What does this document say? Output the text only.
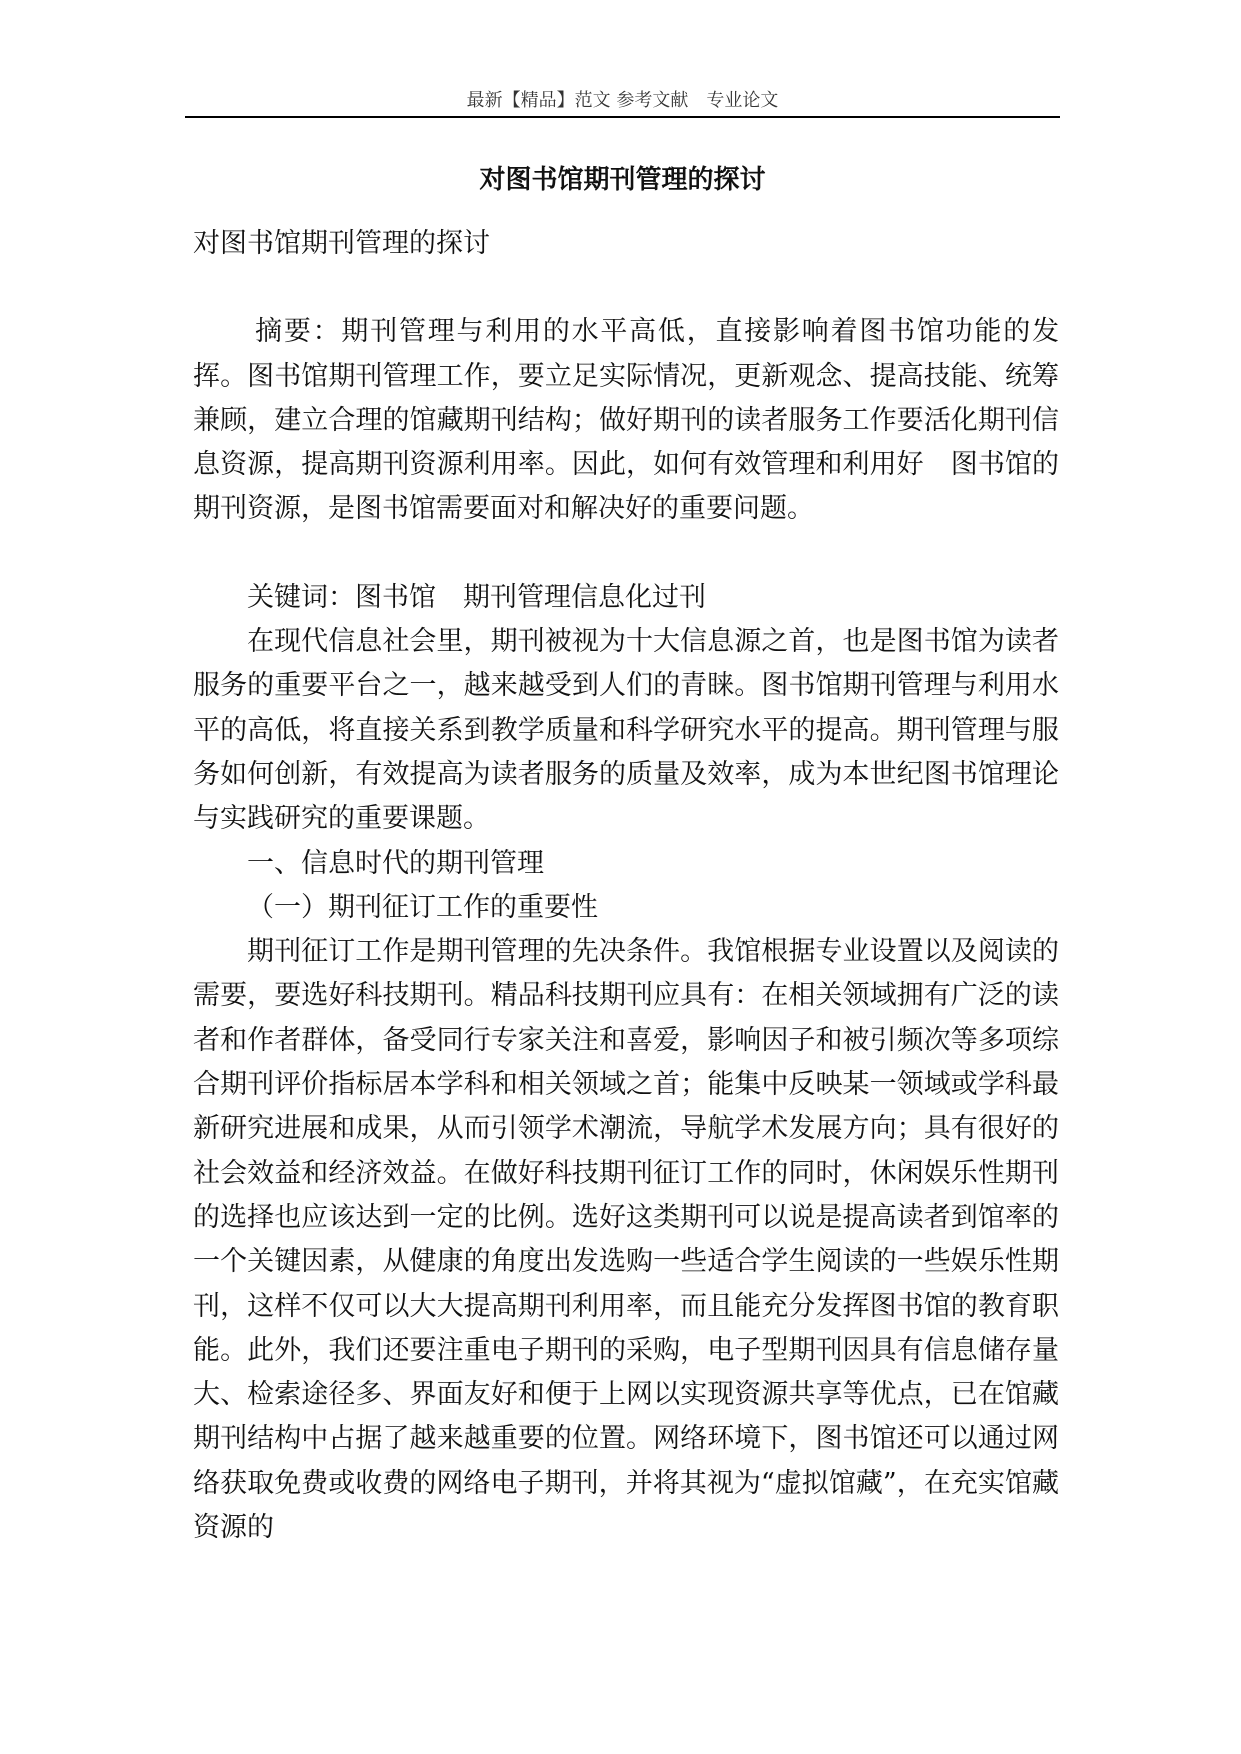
最新【精品】范文 参考文献　专业论文
对图书馆期刊管理的探讨

对图书馆期刊管理的探讨

摘要：期刊管理与利用的水平高低，直接影响着图书馆功能的发挥。图书馆期刊管理工作，要立足实际情况，更新观念、提高技能、统筹兼顾，建立合理的馆藏期刊结构；做好期刊的读者服务工作要活化期刊信息资源，提高期刊资源利用率。因此，如何有效管理和利用好　图书馆的期刊资源，是图书馆需要面对和解决好的重要问题。

关键词：图书馆　期刊管理信息化过刊

在现代信息社会里，期刊被视为十大信息源之首，也是图书馆为读者服务的重要平台之一，越来越受到人们的青睐。图书馆期刊管理与利用水平的高低，将直接关系到教学质量和科学研究水平的提高。期刊管理与服务如何创新，有效提高为读者服务的质量及效率，成为本世纪图书馆理论与实践研究的重要课题。

一、信息时代的期刊管理

（一）期刊征订工作的重要性

期刊征订工作是期刊管理的先决条件。我馆根据专业设置以及阅读的需要，要选好科技期刊。精品科技期刊应具有：在相关领域拥有广泛的读者和作者群体，备受同行专家关注和喜爱，影响因子和被引频次等多项综合期刊评价指标居本学科和相关领域之首；能集中反映某一领域或学科最新研究进展和成果，从而引领学术潮流，导航学术发展方向；具有很好的社会效益和经济效益。在做好科技期刊征订工作的同时，休闲娱乐性期刊的选择也应该达到一定的比例。选好这类期刊可以说是提高读者到馆率的一个关键因素，从健康的角度出发选购一些适合学生阅读的一些娱乐性期刊，这样不仅可以大大提高期刊利用率，而且能充分发挥图书馆的教育职能。此外，我们还要注重电子期刊的采购，电子型期刊因具有信息储存量大、检索途径多、界面友好和便于上网以实现资源共享等优点，已在馆藏期刊结构中占据了越来越重要的位置。网络环境下，图书馆还可以通过网络获取免费或收费的网络电子期刊，并将其视为“虚拟馆藏”，在充实馆藏资源的
